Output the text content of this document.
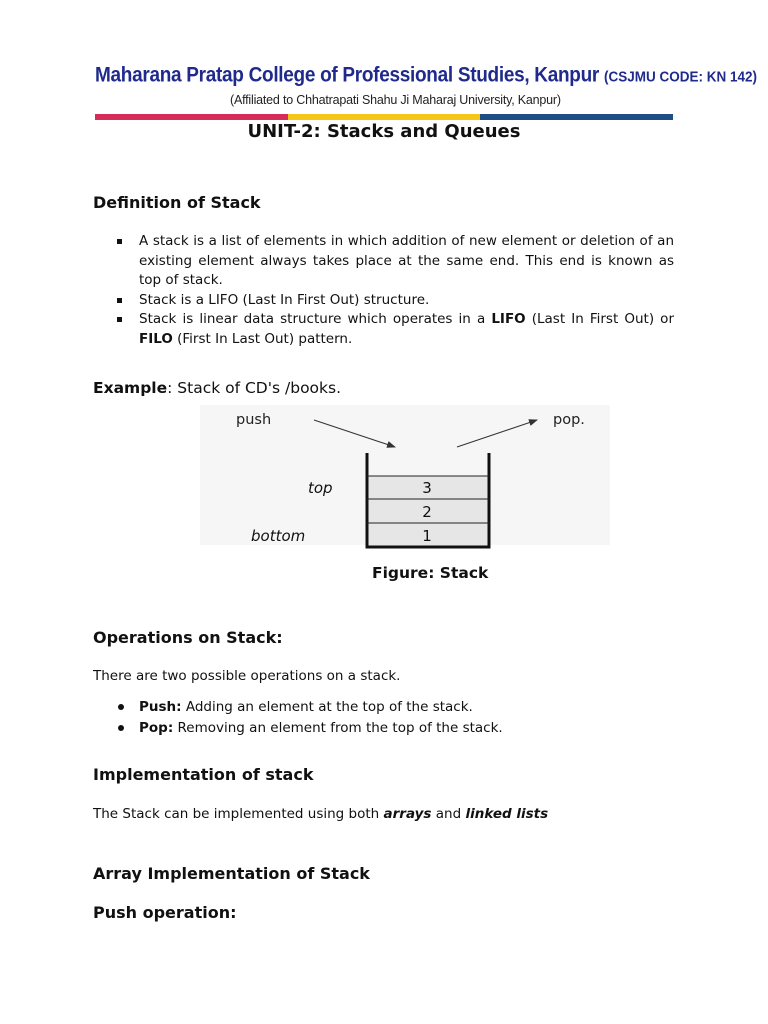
Maharana Pratap College of Professional Studies, Kanpur (CSJMU CODE: KN 142)
(Affiliated to Chhatrapati Shahu Ji Maharaj University, Kanpur)
UNIT-2: Stacks and Queues
Definition of Stack
A stack is a list of elements in which addition of new element or deletion of an existing element always takes place at the same end. This end is known as top of stack.
Stack is a LIFO (Last In First Out) structure.
Stack is linear data structure which operates in a LIFO (Last In First Out) or FILO (First In Last Out) pattern.

Example: Stack of CD's /books.

push	pop.
3
2
1
top
bottom

Figure: Stack

Operations on Stack:

There are two possible operations on a stack.

Push: Adding an element at the top of the stack.
Pop: Removing an element from the top of the stack.
Implementation of stack

The Stack can be implemented using both arrays and linked lists

Array Implementation of Stack
Push operation:
